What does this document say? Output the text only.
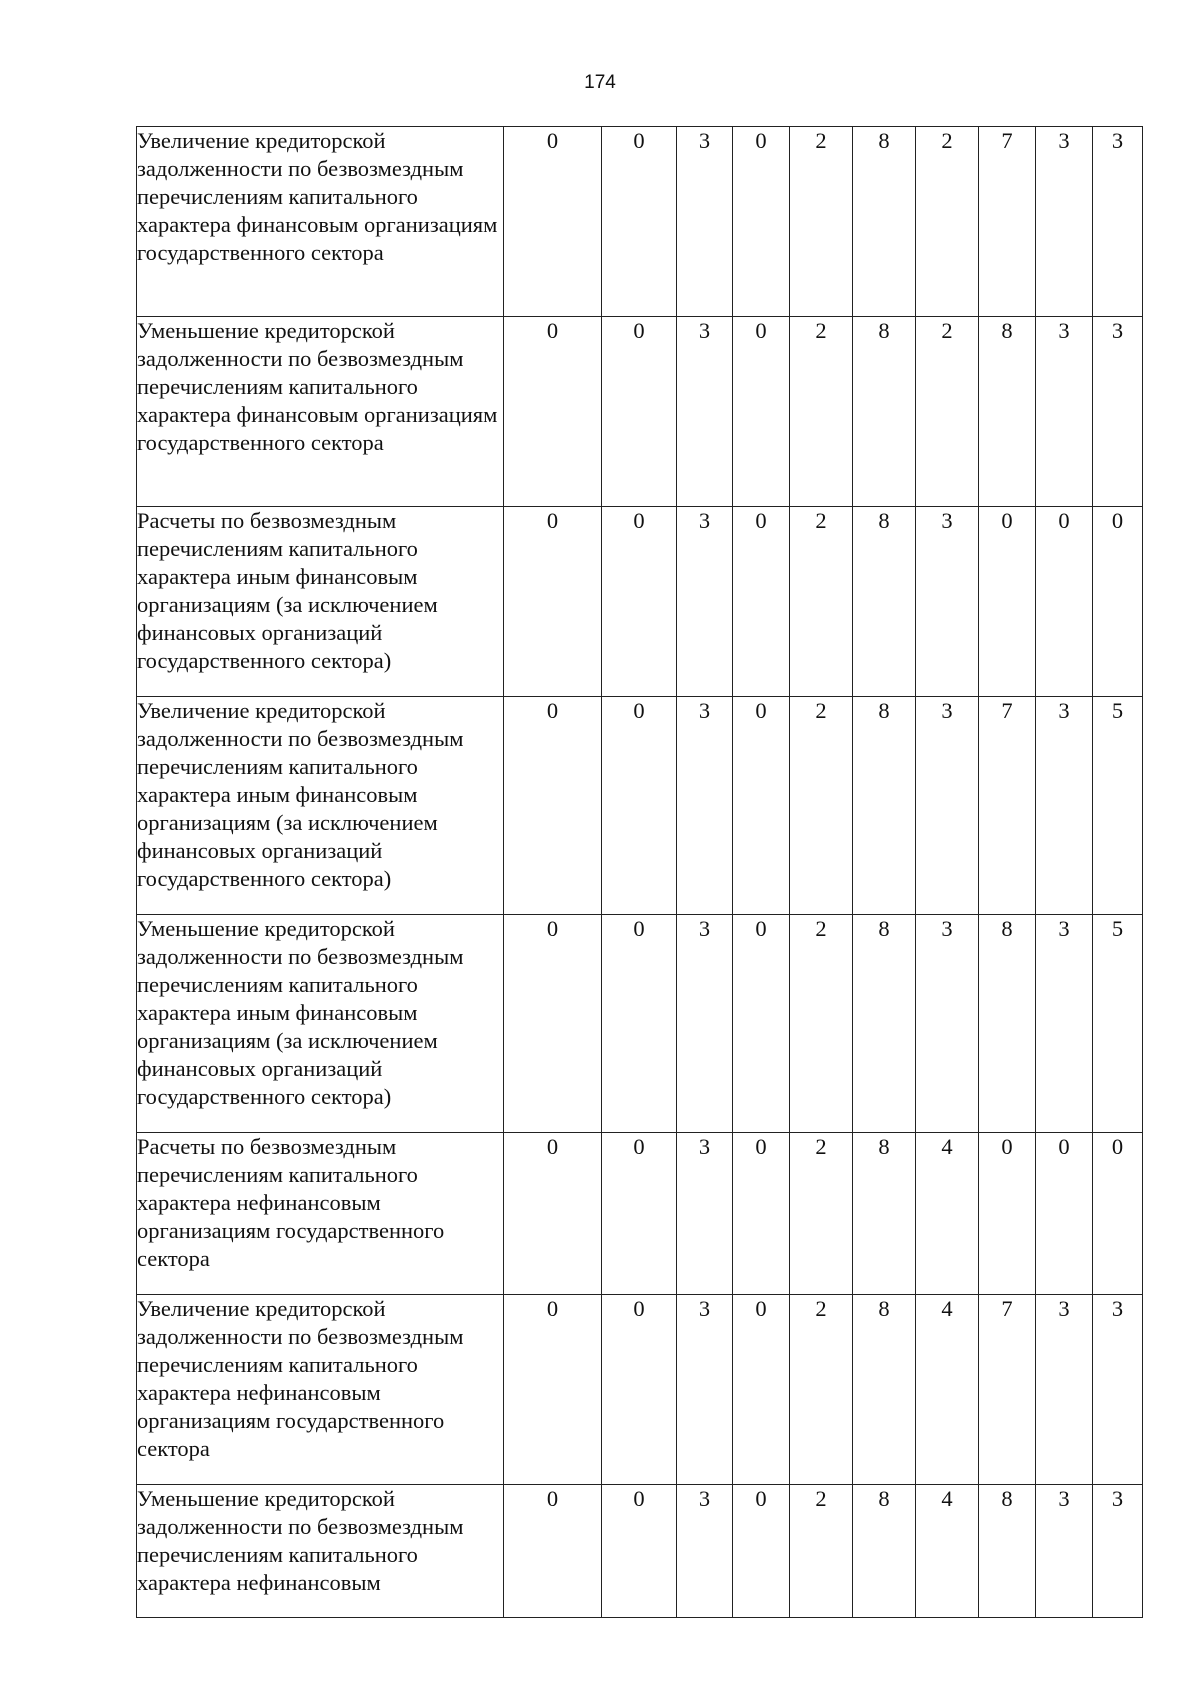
174
Увеличение кредиторской задолженности по безвозмездным перечислениям капитального характера финансовым организациям государственного сектора	0	0	3	0	2	8	2	7	3	3
Уменьшение кредиторской задолженности по безвозмездным перечислениям капитального характера финансовым организациям государственного сектора	0	0	3	0	2	8	2	8	3	3
Расчеты по безвозмездным перечислениям капитального характера иным финансовым организациям (за исключением финансовых организаций государственного сектора)	0	0	3	0	2	8	3	0	0	0
Увеличение кредиторской задолженности по безвозмездным перечислениям капитального характера иным финансовым организациям (за исключением финансовых организаций государственного сектора)	0	0	3	0	2	8	3	7	3	5
Уменьшение кредиторской задолженности по безвозмездным перечислениям капитального характера иным финансовым организациям (за исключением финансовых организаций государственного сектора)	0	0	3	0	2	8	3	8	3	5
Расчеты по безвозмездным перечислениям капитального характера нефинансовым организациям государственного сектора	0	0	3	0	2	8	4	0	0	0
Увеличение кредиторской задолженности по безвозмездным перечислениям капитального характера нефинансовым организациям государственного сектора	0	0	3	0	2	8	4	7	3	3
Уменьшение кредиторской задолженности по безвозмездным перечислениям капитального характера нефинансовым	0	0	3	0	2	8	4	8	3	3
